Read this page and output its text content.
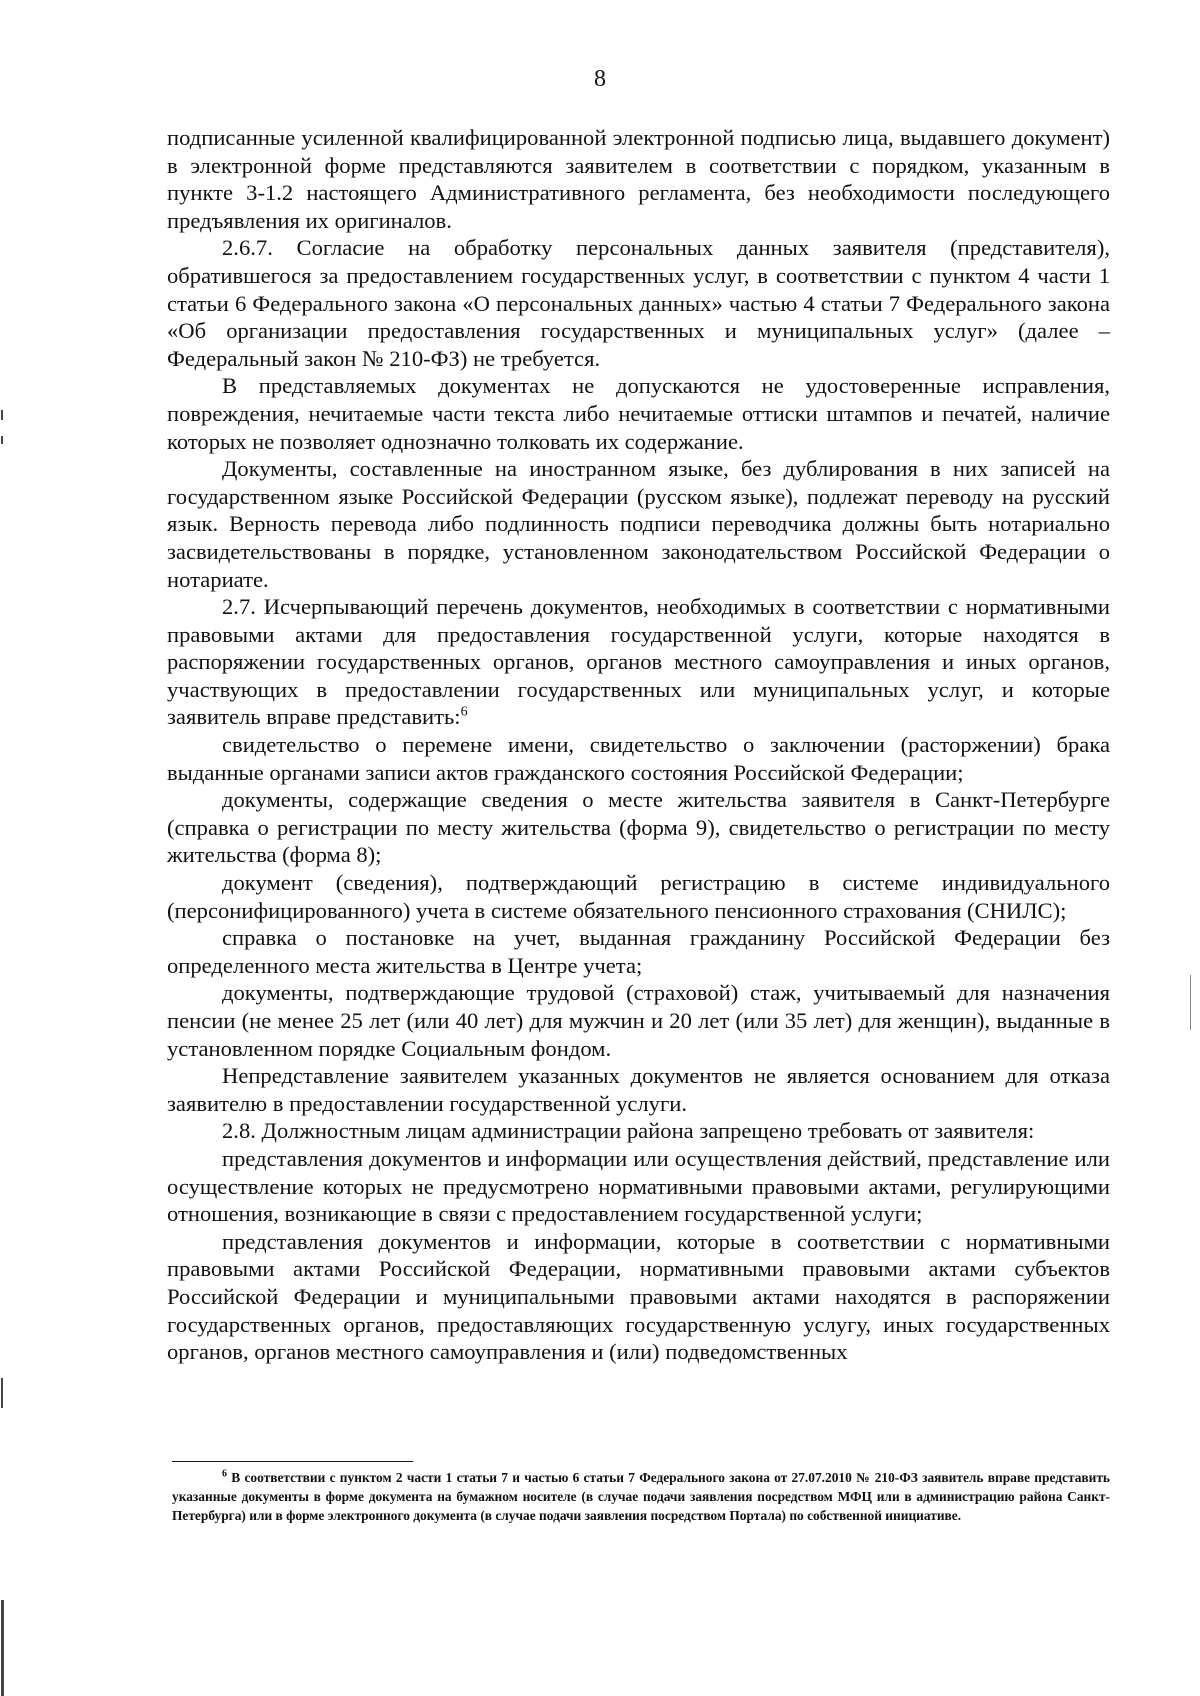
8

подписанные усиленной квалифицированной электронной подписью лица, выдавшего документ) в электронной форме представляются заявителем в соответствии с порядком, указанным в пункте 3-1.2 настоящего Административного регламента, без необходимости последующего предъявления их оригиналов.

2.6.7. Согласие на обработку персональных данных заявителя (представителя), обратившегося за предоставлением государственных услуг, в соответствии с пунктом 4 части 1 статьи 6 Федерального закона «О персональных данных» частью 4 статьи 7 Федерального закона «Об организации предоставления государственных и муниципальных услуг» (далее – Федеральный закон № 210-ФЗ) не требуется.

В представляемых документах не допускаются не удостоверенные исправления, повреждения, нечитаемые части текста либо нечитаемые оттиски штампов и печатей, наличие которых не позволяет однозначно толковать их содержание.

Документы, составленные на иностранном языке, без дублирования в них записей на государственном языке Российской Федерации (русском языке), подлежат переводу на русский язык. Верность перевода либо подлинность подписи переводчика должны быть нотариально засвидетельствованы в порядке, установленном законодательством Российской Федерации о нотариате.

2.7. Исчерпывающий перечень документов, необходимых в соответствии с нормативными правовыми актами для предоставления государственной услуги, которые находятся в распоряжении государственных органов, органов местного самоуправления и иных органов, участвующих в предоставлении государственных или муниципальных услуг, и которые заявитель вправе представить:$^6$

свидетельство о перемене имени, свидетельство о заключении (расторжении) брака выданные органами записи актов гражданского состояния Российской Федерации;

документы, содержащие сведения о месте жительства заявителя в Санкт-Петербурге (справка о регистрации по месту жительства (форма 9), свидетельство о регистрации по месту жительства (форма 8);

документ (сведения), подтверждающий регистрацию в системе индивидуального (персонифицированного) учета в системе обязательного пенсионного страхования (СНИЛС);

справка о постановке на учет, выданная гражданину Российской Федерации без определенного места жительства в Центре учета;

документы, подтверждающие трудовой (страховой) стаж, учитываемый для назначения пенсии (не менее 25 лет (или 40 лет) для мужчин и 20 лет (или 35 лет) для женщин), выданные в установленном порядке Социальным фондом.

Непредставление заявителем указанных документов не является основанием для отказа заявителю в предоставлении государственной услуги.

2.8. Должностным лицам администрации района запрещено требовать от заявителя:

представления документов и информации или осуществления действий, представление или осуществление которых не предусмотрено нормативными правовыми актами, регулирующими отношения, возникающие в связи с предоставлением государственной услуги;

представления документов и информации, которые в соответствии с нормативными правовыми актами Российской Федерации, нормативными правовыми актами субъектов Российской Федерации и муниципальными правовыми актами находятся в распоряжении государственных органов, предоставляющих государственную услугу, иных государственных органов, органов местного самоуправления и (или) подведомственных

$^6$ В соответствии с пунктом 2 части 1 статьи 7 и частью 6 статьи 7 Федерального закона от 27.07.2010 № 210-ФЗ заявитель вправе представить указанные документы в форме документа на бумажном носителе (в случае подачи заявления посредством МФЦ или в администрацию района Санкт-Петербурга) или в форме электронного документа (в случае подачи заявления посредством Портала) по собственной инициативе.
